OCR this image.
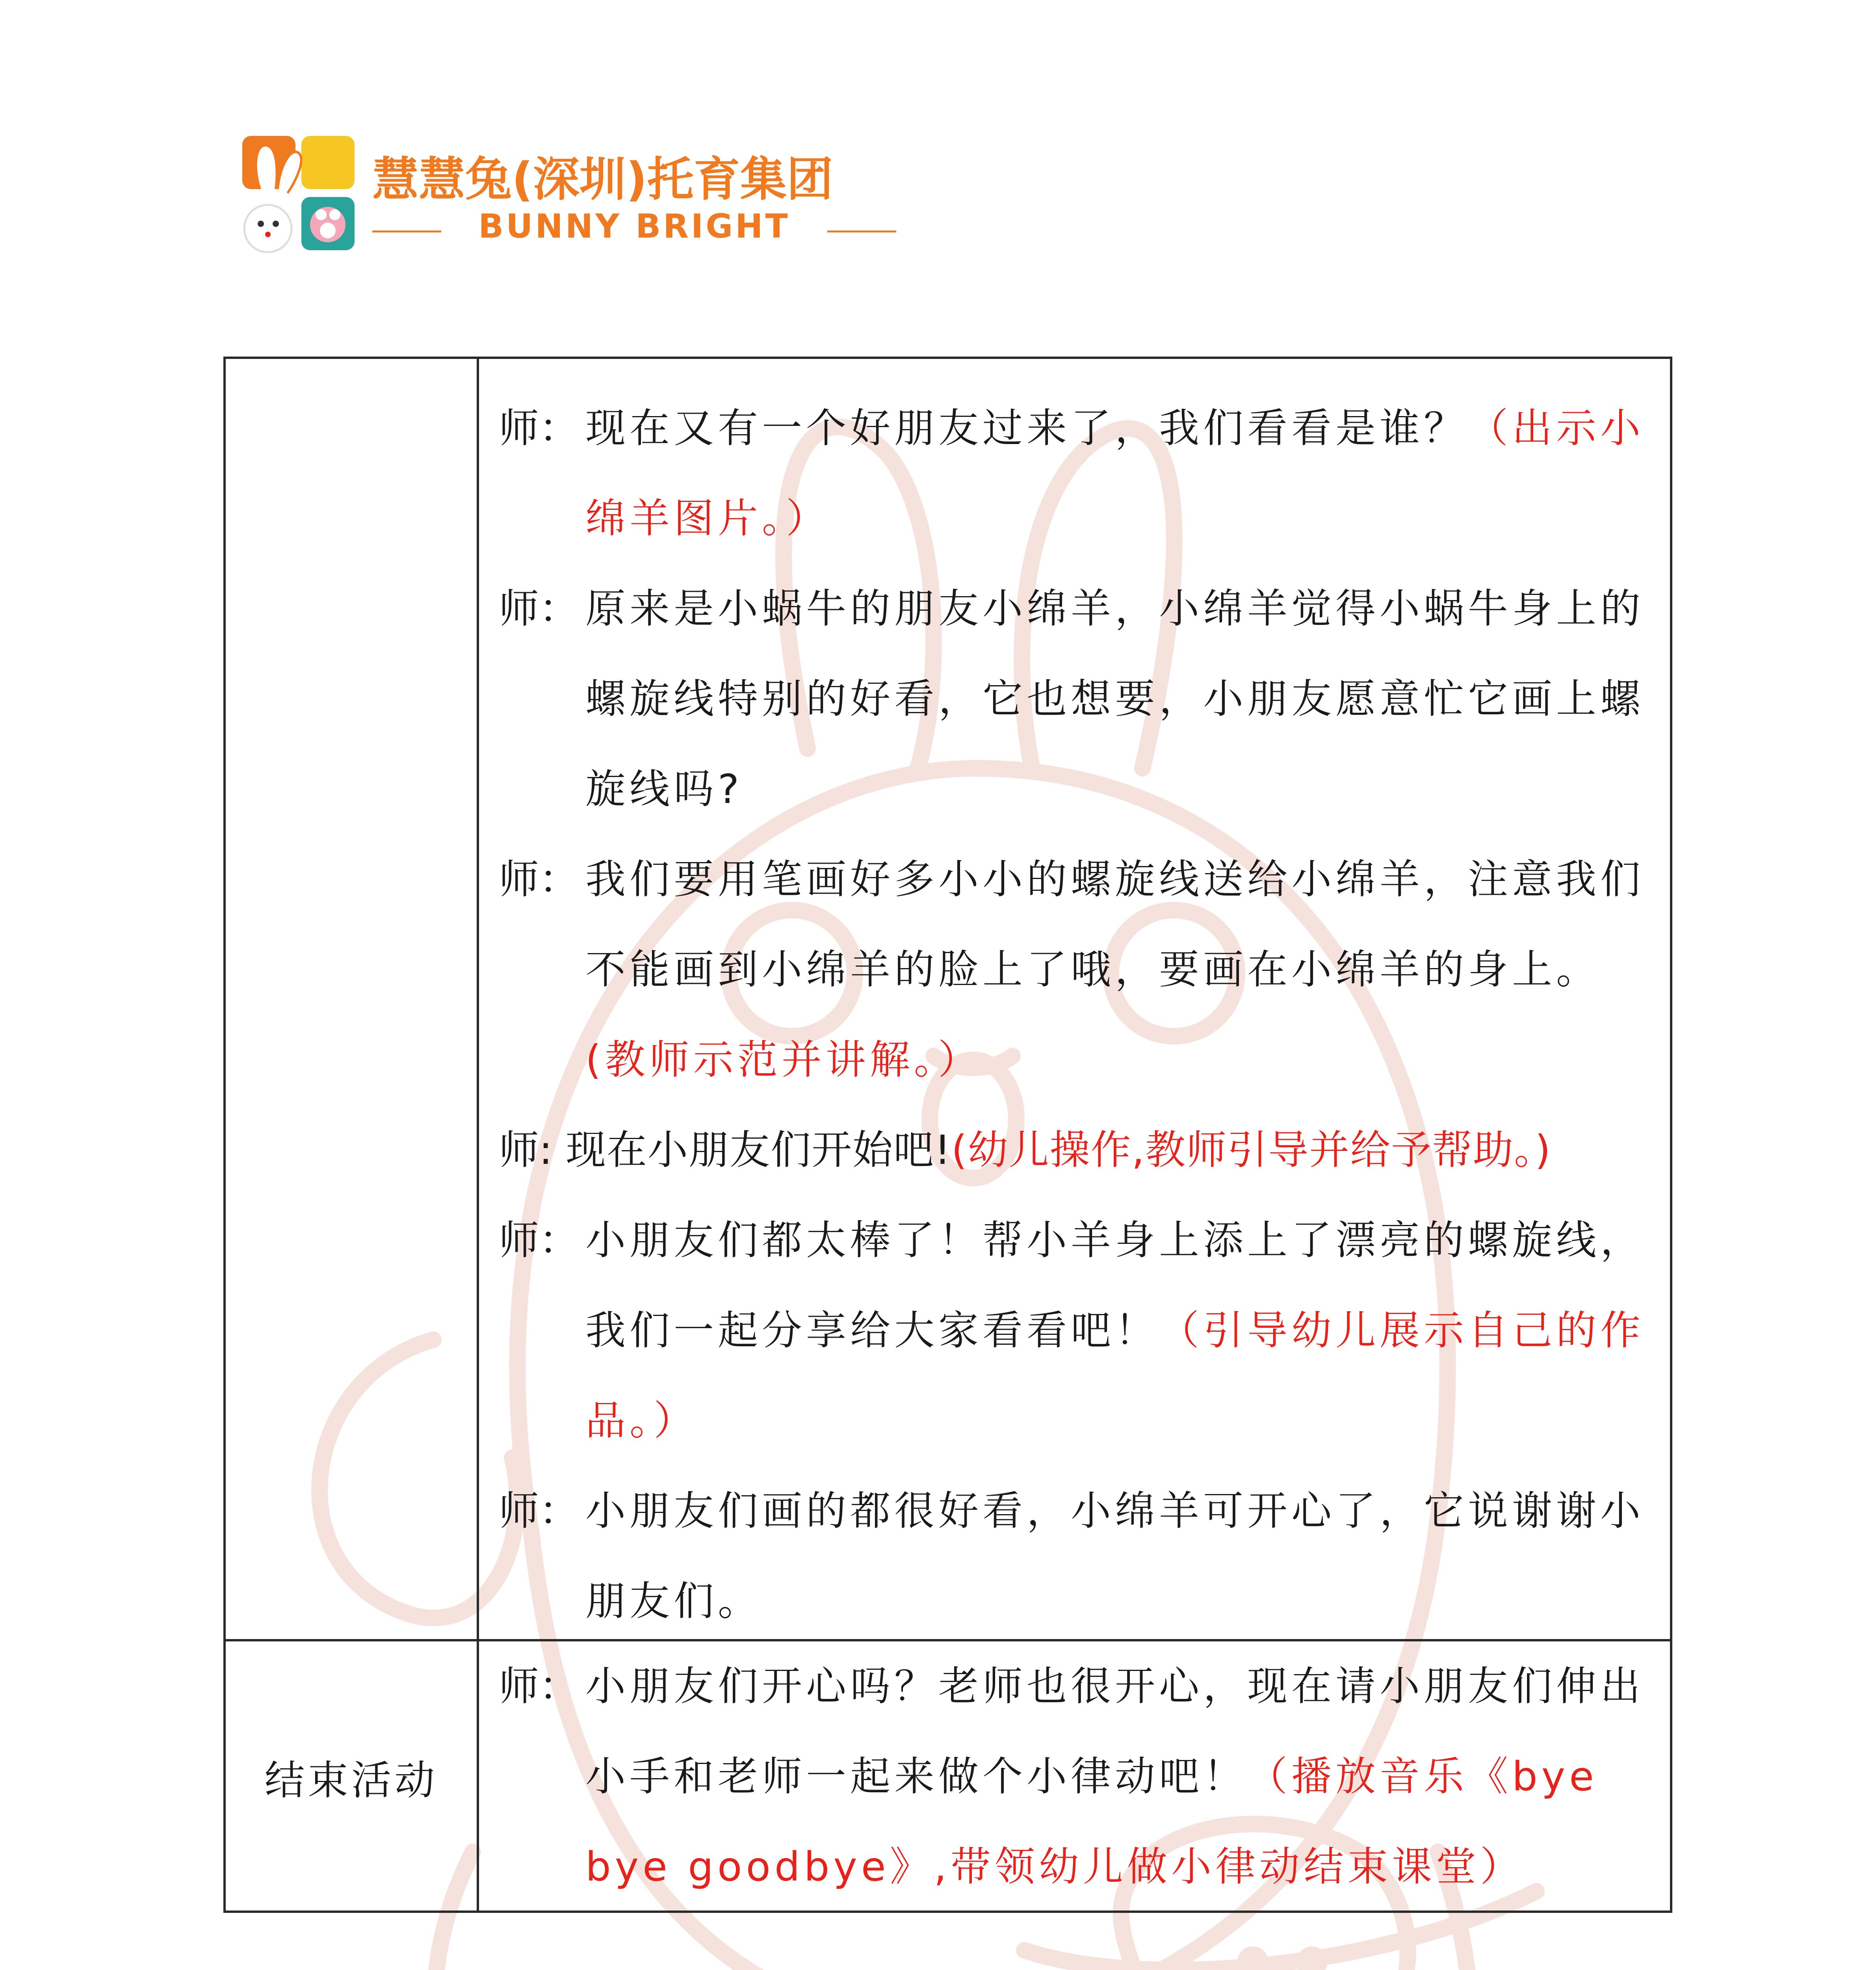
慧慧兔(深圳)托育集团
BUNNY BRIGHT
师： 现在又有一个好朋友过来了，我们看看是谁？（出示小绵羊图片。）
师： 原来是小蜗牛的朋友小绵羊，小绵羊觉得小蜗牛身上的螺旋线特别的好看，它也想要，小朋友愿意忙它画上螺旋线吗?
师： 我们要用笔画好多小小的螺旋线送给小绵羊，注意我们不能画到小绵羊的脸上了哦，要画在小绵羊的身上。(教师示范并讲解。）
师: 现在小朋友们开始吧!(幼儿操作,教师引导并给予帮助。)
师： 小朋友们都太棒了！帮小羊身上添上了漂亮的螺旋线，我们一起分享给大家看看吧！（引导幼儿展示自己的作品。）
师： 小朋友们画的都很好看，小绵羊可开心了，它说谢谢小朋友们。
结束活动
师： 小朋友们开心吗？老师也很开心，现在请小朋友们伸出小手和老师一起来做个小律动吧！（播放音乐《bye bye goodbye》,带领幼儿做小律动结束课堂）
